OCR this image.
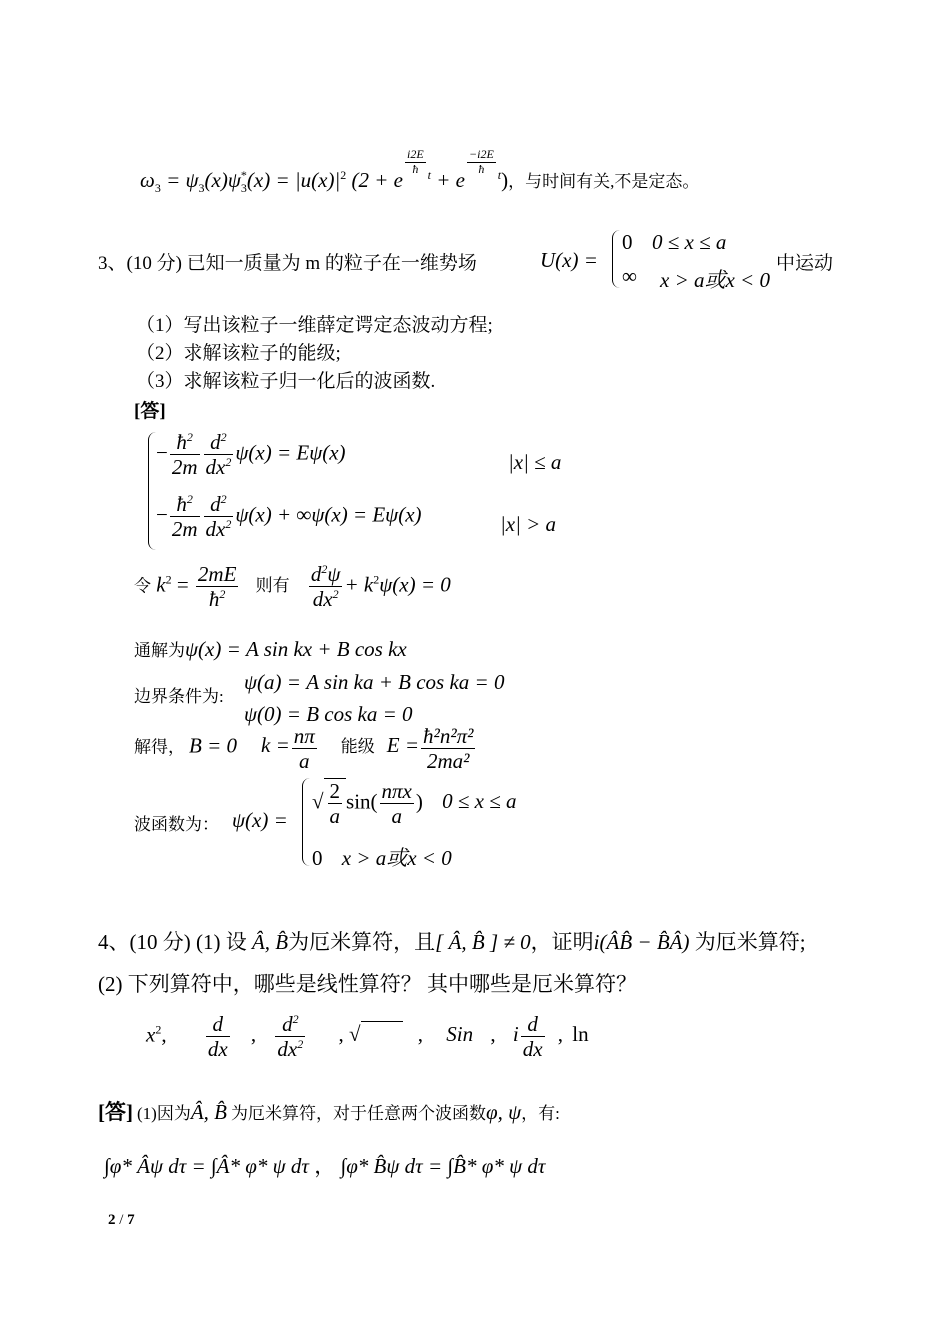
$\omega_3 = \psi_3(x)\psi^*_3(x) = |u(x)|^2$ (2 + e
$\frac{i2E}{ħ} ^t + e$
$\frac{-i2E}{ħ} ^t$)，与时间有关,不是定态。
3、(10 分) 已知一质量为 m 的粒子在一维势场	U(x) =
0 0 ≤ x ≤ a
∞ x > a或x < 0
中运动
（1）写出该粒子一维薛定谔定态波动方程;
（2）求解该粒子的能级;
（3）求解该粒子归一化后的波函数.
[答]
− $\frac{ħ^2}{2m} \frac{d^2}{dx^2} \psi(x) = E\psi(x)$	|x| ≤ a
− $\frac{ħ^2}{2m} \frac{d^2}{dx^2} \psi(x) + \infty\psi(x) = E\psi(x)$	|x| > a
令 $k^2 = \frac{2mE}{ħ^2}$ 则有 $\frac{d^2\psi}{dx^2} + k^2\psi(x) = 0$
通解为ψ(x) = A sin kx + B cos kx
边界条件为:
ψ(a) = A sin ka + B cos ka = 0
ψ(0) = B cos ka = 0
解得， B = 0 $k = \frac{n\pi}{a}$ 能级 $E = \frac{\text{ħ²n²π²}}{\text{2ma²}}$
波函数为： ψ(x) =
√ $\frac{2}{a} \sin( \frac{\text{nπx}}{a}$ ) 0 ≤ x ≤ a
0 x > a或x < 0
4、(10 分) (1) 设 Â, B̂为厄米算符，且[ Â, B̂ ] ≠ 0，证明i(ÂB̂ − B̂Â) 为厄米算符;
(2) 下列算符中，哪些是线性算符？ 其中哪些是厄米算符？
$x^2$, $\frac{d}{dx}$ , $\frac{d^2}{dx^2}$ , √	, Sin , i $\frac{d}{dx}$ , ln
[答] (1)因为Â, B̂ 为厄米算符，对于任意两个波函数φ, ψ，有:
∫φ* Âψ dτ = ∫Â* φ* ψ dτ ， ∫φ* B̂ψ dτ = ∫B̂* φ* ψ dτ
2 / 7
